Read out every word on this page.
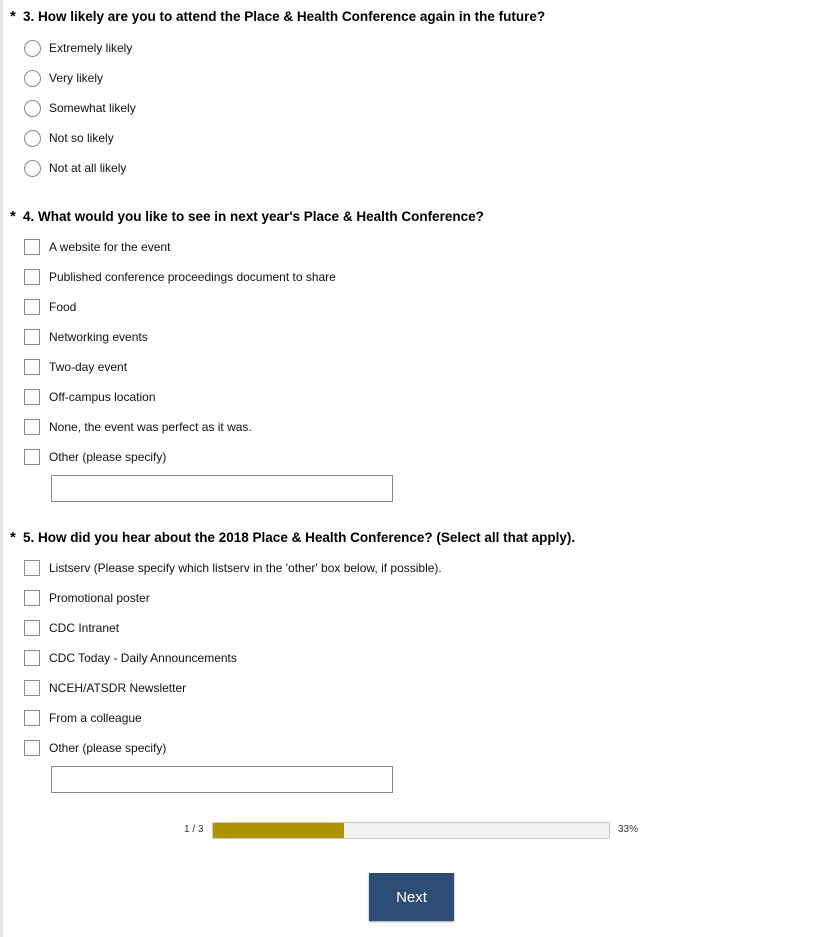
* 3. How likely are you to attend the Place & Health Conference again in the future?
Extremely likely
Very likely
Somewhat likely
Not so likely
Not at all likely
* 4. What would you like to see in next year's Place & Health Conference?
A website for the event
Published conference proceedings document to share
Food
Networking events
Two-day event
Off-campus location
None, the event was perfect as it was.
Other (please specify)
* 5. How did you hear about the 2018 Place & Health Conference? (Select all that apply).
Listserv (Please specify which listserv in the 'other' box below, if possible).
Promotional poster
CDC Intranet
CDC Today - Daily Announcements
NCEH/ATSDR Newsletter
From a colleague
Other (please specify)
1 / 3	33%
Next
